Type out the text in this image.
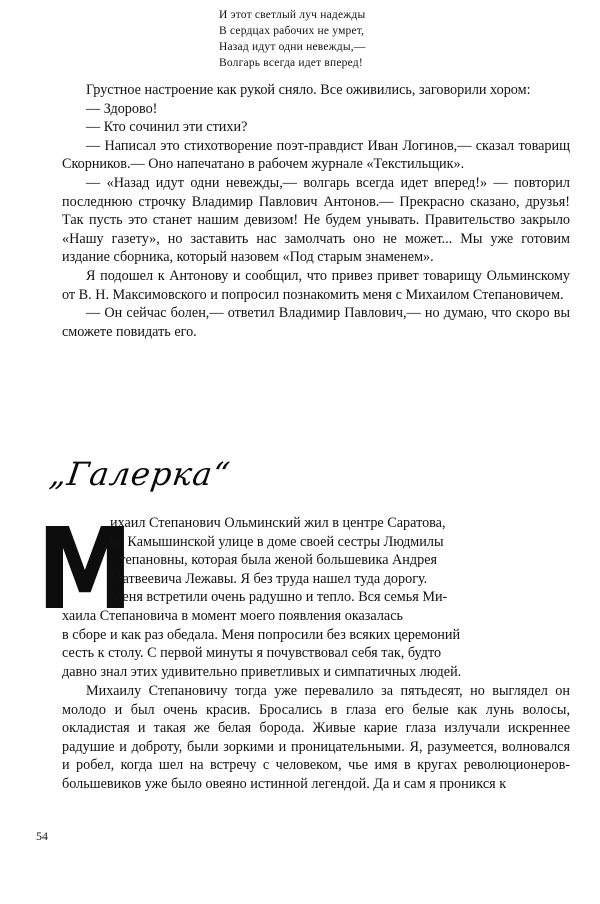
И этот светлый луч надежды
В сердцах рабочих не умрет,
Назад идут одни невежды,—
Волгарь всегда идет вперед!

Грустное настроение как рукой сняло. Все оживились, заговорили хором:

— Здорово!

— Кто сочинил эти стихи?

— Написал это стихотворение поэт-правдист Иван Логинов,— сказал товарищ Скорников.— Оно напечатано в рабочем журнале «Текстильщик».

— «Назад идут одни невежды,— волгарь всегда идет вперед!» — повторил последнюю строчку Владимир Павлович Антонов.— Прекрасно сказано, друзья! Так пусть это станет нашим девизом! Не будем унывать. Правительство закрыло «Нашу газету», но заставить нас замолчать оно не может... Мы уже готовим издание сборника, который назовем «Под старым знаменем».

Я подошел к Антонову и сообщил, что привез привет товарищу Ольминскому от В. Н. Максимовского и попросил познакомить меня с Михаилом Степановичем.

— Он сейчас болен,— ответил Владимир Павлович,— но думаю, что скоро вы сможете повидать его.

„Галерка“
М
ихаил Степанович Ольминский жил в центре Саратова,
на Камышинской улице в доме своей сестры Людмилы
Степановны, которая была женой большевика Андрея
Матвеевича Лежавы. Я без труда нашел туда дорогу.
Меня встретили очень радушно и тепло. Вся семья Ми-

хаила Степановича в момент моего появления оказалась

в сборе и как раз обедала. Меня попросили без всяких церемоний

сесть к столу. С первой минуты я почувствовал себя так, будто

давно знал этих удивительно приветливых и симпатичных людей.

Михаилу Степановичу тогда уже перевалило за пятьдесят, но выглядел он молодо и был очень красив. Бросались в глаза его белые как лунь волосы, окладистая и такая же белая борода. Живые карие глаза излучали искреннее радушие и доброту, были зоркими и проницательными. Я, разумеется, волновался и робел, когда шел на встречу с человеком, чье имя в кругах революционеров-большевиков уже было овеяно истинной легендой. Да и сам я проникся к

54
